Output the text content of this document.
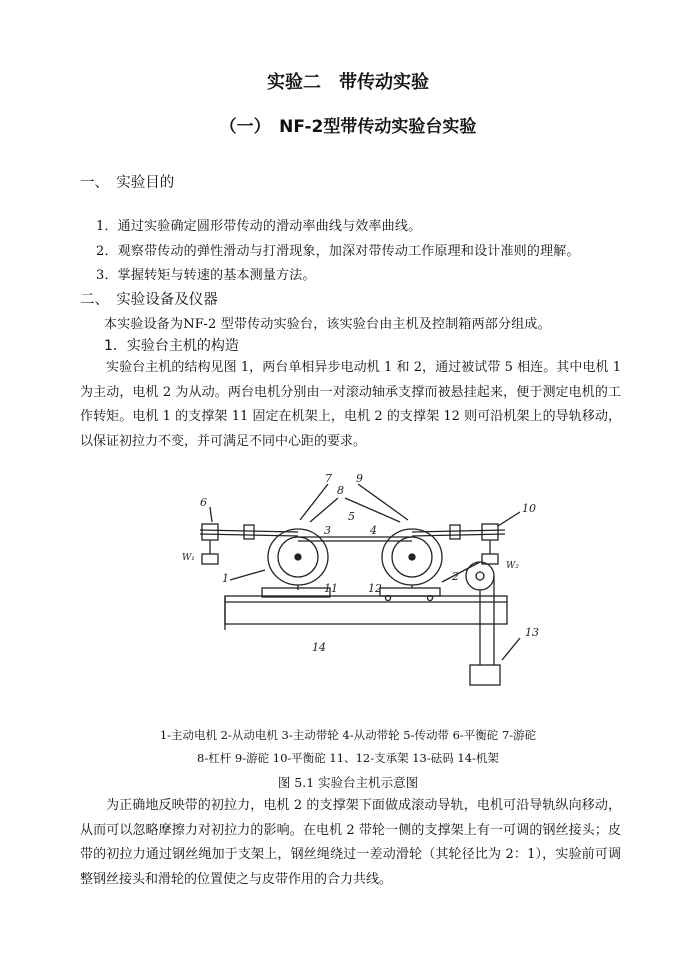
实验二　带传动实验
（一）　NF-2型带传动实验台实验
一、　实验目的
1．通过实验确定圆形带传动的滑动率曲线与效率曲线。
2．观察带传动的弹性滑动与打滑现象，加深对带传动工作原理和设计准则的理解。
3．掌握转矩与转速的基本测量方法。
二、　实验设备及仪器
本实验设备为NF-2 型带传动实验台，该实验台由主机及控制箱两部分组成。
1．实验台主机的构造
实验台主机的结构见图 1，两台单相异步电动机 1 和 2，通过被试带 5 相连。其中电机 1 为主动，电机 2 为从动。两台电机分别由一对滚动轴承支撑而被悬挂起来，便于测定电机的工作转矩。电机 1 的支撑架 11 固定在机架上，电机 2 的支撑架 12 则可沿机架上的导轨移动，以保证初拉力不变，并可满足不同中心距的要求。
6
7
8
9
10
5
3	4
1	2
11	12
13
14
W₁
W₂
1-主动电机 2-从动电机 3-主动带轮 4-从动带轮 5-传动带 6-平衡砣 7-游砣
8-杠杆 9-游砣 10-平衡砣 11、12-支承架 13-砝码 14-机架
图 5.1 实验台主机示意图
为正确地反映带的初拉力，电机 2 的支撑架下面做成滚动导轨，电机可沿导轨纵向移动，从而可以忽略摩擦力对初拉力的影响。在电机 2 带轮一侧的支撑架上有一可调的钢丝接头；皮带的初拉力通过钢丝绳加于支架上，钢丝绳绕过一差动滑轮（其轮径比为 2：1），实验前可调整钢丝接头和滑轮的位置使之与皮带作用的合力共线。
